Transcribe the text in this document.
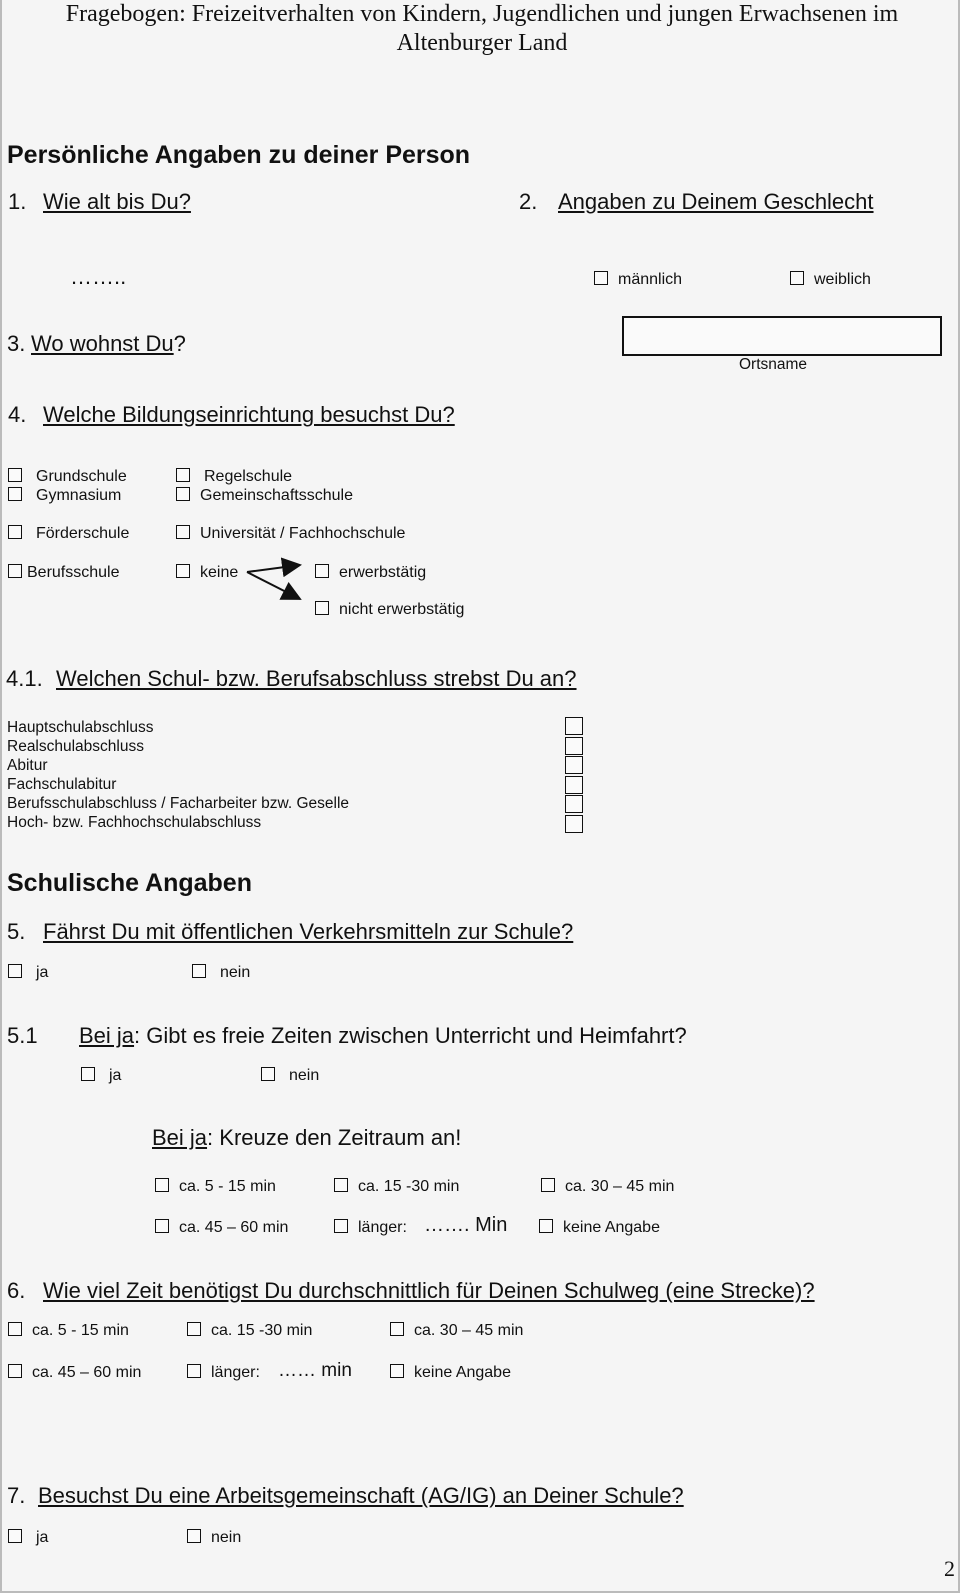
Fragebogen: Freizeitverhalten von Kindern, Jugendlichen und jungen Erwachsenen im
Altenburger Land
Persönliche Angaben zu deiner Person
1. Wie alt bis Du?
……..
2. Angaben zu Deinem Geschlecht
männlich	weiblich
3. Wo wohnst Du?
Ortsname
4. Welche Bildungseinrichtung besuchst Du?
Grundschule	Regelschule
Gymnasium	Gemeinschaftsschule
Förderschule	Universität / Fachhochschule
Berufsschule	keine	erwerbstätig
nicht erwerbstätig
4.1. Welchen Schul- bzw. Berufsabschluss strebst Du an?
Hauptschulabschluss
Realschulabschluss
Abitur
Fachschulabitur
Berufsschulabschluss / Facharbeiter bzw. Geselle
Hoch- bzw. Fachhochschulabschluss
Schulische Angaben
5. Fährst Du mit öffentlichen Verkehrsmitteln zur Schule?
ja	nein
5.1 Bei ja: Gibt es freie Zeiten zwischen Unterricht und Heimfahrt?
ja	nein
Bei ja: Kreuze den Zeitraum an!
ca. 5 - 15 min	ca. 15 -30 min	ca. 30 – 45 min
ca. 45 – 60 min	länger: ……. Min	keine Angabe
6. Wie viel Zeit benötigst Du durchschnittlich für Deinen Schulweg (eine Strecke)?
ca. 5 - 15 min	ca. 15 -30 min	ca. 30 – 45 min
ca. 45 – 60 min	länger: …… min	keine Angabe
7. Besuchst Du eine Arbeitsgemeinschaft (AG/IG) an Deiner Schule?
ja	nein
2
